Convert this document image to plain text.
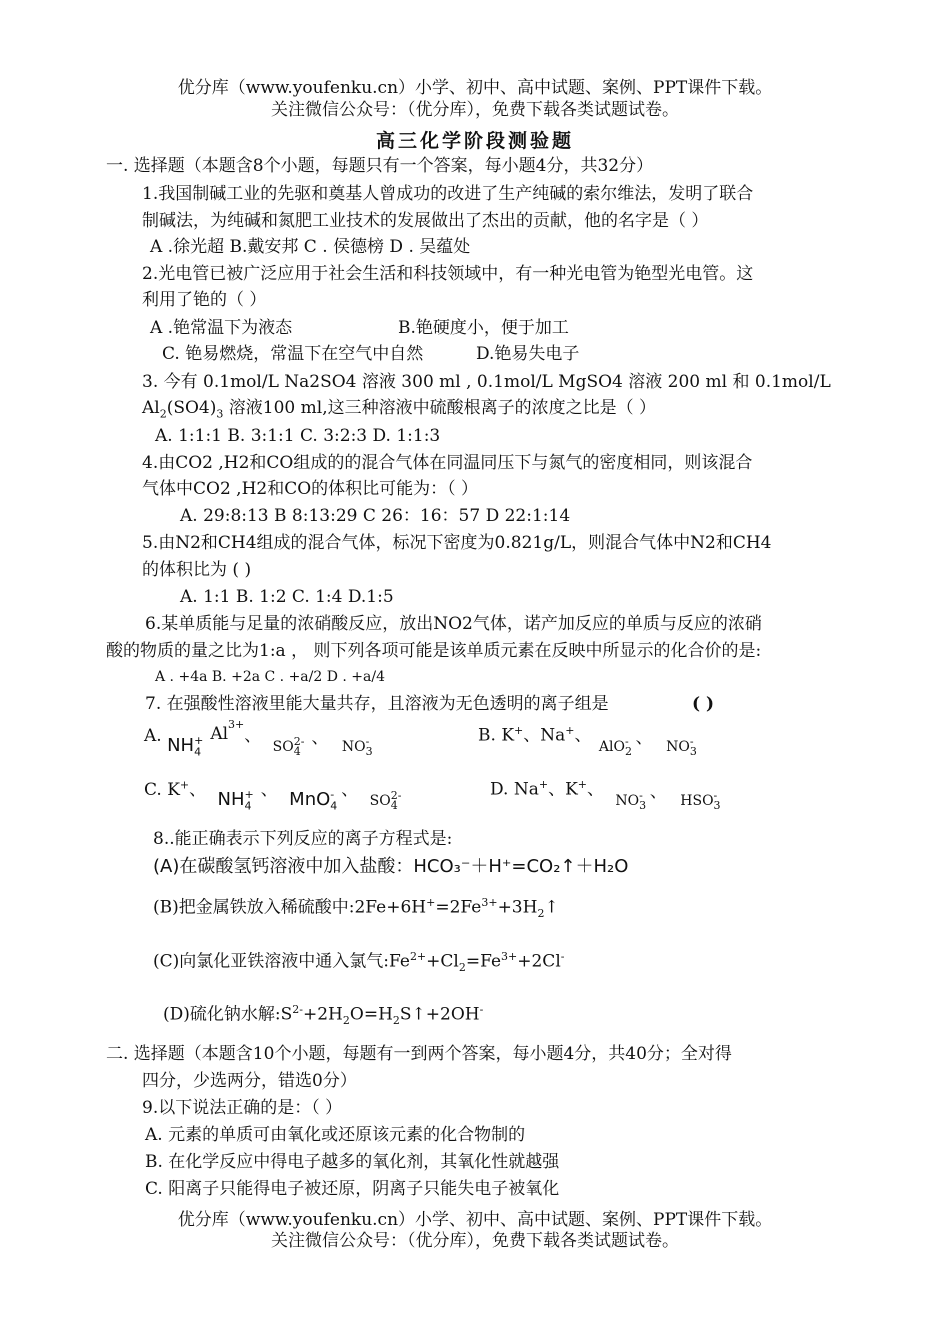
优分库（www.youfenku.cn）小学、初中、高中试题、案例、PPT课件下载。
关注微信公众号：（优分库），免费下载各类试题试卷。
高三化学阶段测验题
一. 选择题（本题含8个小题，每题只有一个答案，每小题4分，共32分）
1.我国制碱工业的先驱和奠基人曾成功的改进了生产纯碱的索尔维法，发明了联合
制碱法，为纯碱和氮肥工业技术的发展做出了杰出的贡献，他的名字是（ ）
A .徐光超 B.戴安邦 C . 侯德榜 D . 吴蕴处
2.光电管已被广泛应用于社会生活和科技领域中，有一种光电管为铯型光电管。这
利用了铯的（ ）
A .铯常温下为液态	B.铯硬度小，便于加工
C. 铯易燃烧，常温下在空气中自然	D.铯易失电子
3. 今有 0.1mol/L Na2SO4 溶液 300 ml , 0.1mol/L MgSO4 溶液 200 ml 和 0.1mol/L
$Al_2(SO4)_3$ 溶液100 ml,这三种溶液中硫酸根离子的浓度之比是（ ）
A. 1:1:1 B. 3:1:1 C. 3:2:3 D. 1:1:3
4.由CO2 ,H2和CO组成的的混合气体在同温同压下与氮气的密度相同，则该混合
气体中CO2 ,H2和CO的体积比可能为：（ ）
A. 29:8:13 B 8:13:29 C 26：16：57 D 22:1:14
5.由N2和CH4组成的混合气体，标况下密度为0.821g/L，则混合气体中N2和CH4
的体积比为 ( )
A. 1:1 B. 1:2 C. 1:4 D.1:5
6.某单质能与足量的浓硝酸反应，放出NO2气体，诺产加反应的单质与反应的浓硝
酸的物质的量之比为1:a ， 则下列各项可能是该单质元素在反映中所显示的化合价的是:
A . +4a B. +2a C . +a/2 D . +a/4
7. 在强酸性溶液里能大量共存，且溶液为无色透明的离子组是	( )
A. $NH_4^+$ $Al^{3+}$、 $_{SO_4^{2-}}$ 、 $_{NO_3^-}$	B. K+、Na+、 $_{AlO_2^-}$ 、 $_{NO_3^-}$
C. K+、 $NH_4^+$ 、 MnO$_4$- 、 $_{SO_4^{2-}}$	D. Na+、K+、 $_{NO_3^-}$ 、 $_{HSO_3^-}$
8..能正确表示下列反应的离子方程式是:
(A)在碳酸氢钙溶液中加入盐酸：HCO₃⁻＋H⁺=CO₂↑＋H₂O
(B)把金属铁放入稀硫酸中$:2Fe+6H^+=2Fe^{3+}+3H_2↑$
(C)向氯化亚铁溶液中通入氯气$:Fe^{2+}+Cl_2=Fe^{3+}+2Cl^-$
(D)硫化钠水解$:S^{2-}+2H_2O=H_2S↑+2OH^-$
二. 选择题（本题含10个小题，每题有一到两个答案，每小题4分，共40分；全对得
四分，少选两分，错选0分）
9.以下说法正确的是：（ ）
A. 元素的单质可由氧化或还原该元素的化合物制的
B. 在化学反应中得电子越多的氧化剂，其氧化性就越强
C. 阳离子只能得电子被还原，阴离子只能失电子被氧化
优分库（www.youfenku.cn）小学、初中、高中试题、案例、PPT课件下载。
关注微信公众号：（优分库），免费下载各类试题试卷。
